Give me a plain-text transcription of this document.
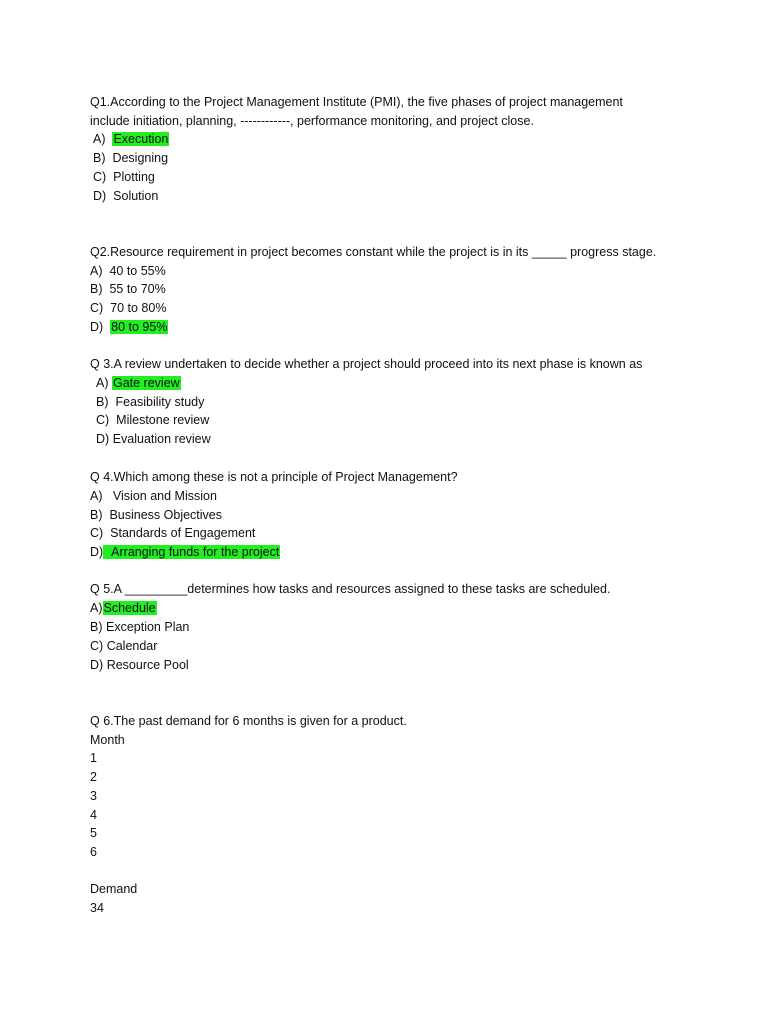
Q1.According to the Project Management Institute (PMI), the five phases of project management
include initiation, planning, ------------, performance monitoring, and project close.
A) Execution
B) Designing
C) Plotting
D) Solution
Q2.Resource requirement in project becomes constant while the project is in its _____ progress stage.
A) 40 to 55%
B) 55 to 70%
C) 70 to 80%
D) 80 to 95%
Q 3.A review undertaken to decide whether a project should proceed into its next phase is known as
A) Gate review
B) Feasibility study
C) Milestone review
D) Evaluation review
Q 4.Which among these is not a principle of Project Management?
A) Vision and Mission
B) Business Objectives
C) Standards of Engagement
D) Arranging funds for the project
Q 5.A _________determines how tasks and resources assigned to these tasks are scheduled.
A)Schedule
B) Exception Plan
C) Calendar
D) Resource Pool
Q 6.The past demand for 6 months is given for a product.
Month
1
2
3
4
5
6
Demand
34
